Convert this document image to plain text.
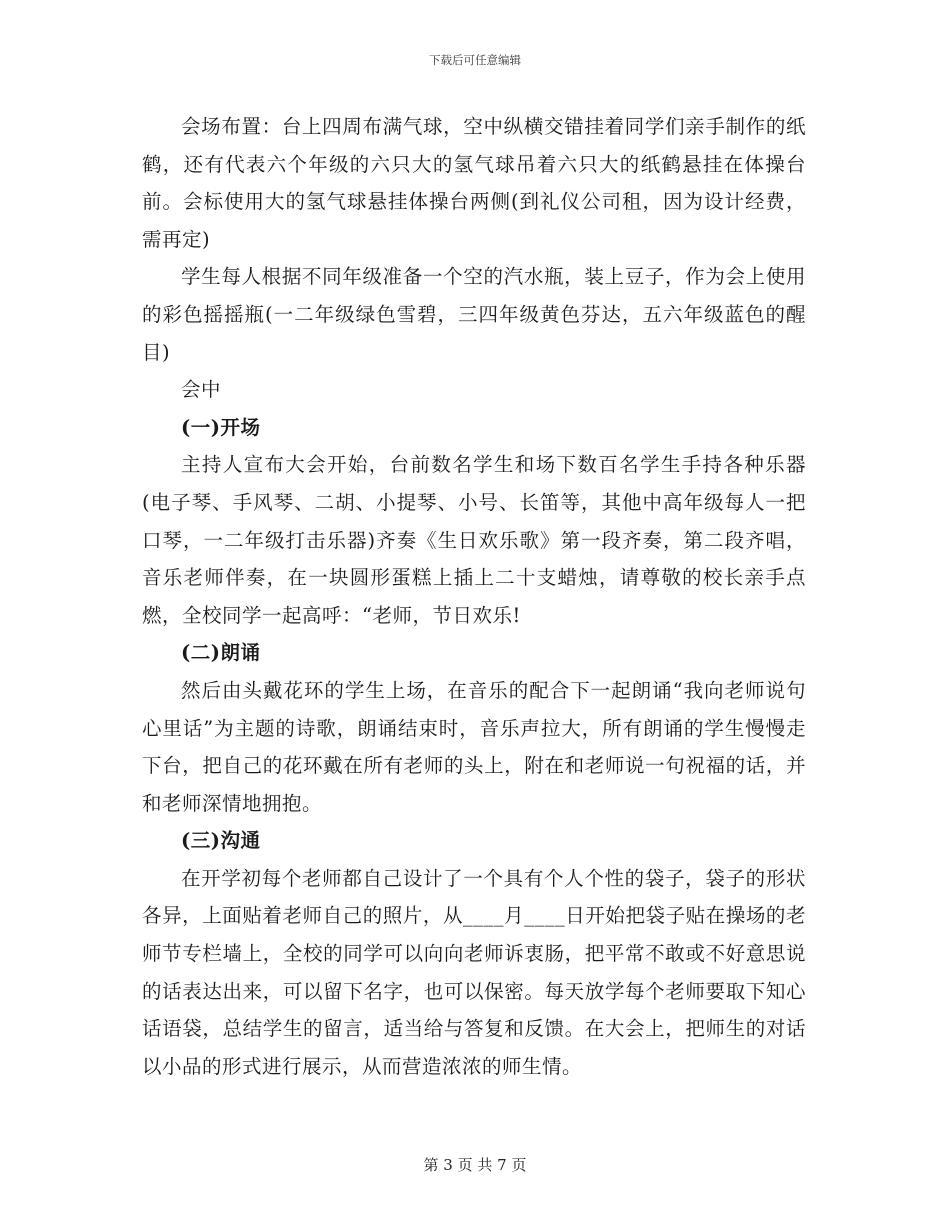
下载后可任意编辑

会场布置：台上四周布满气球，空中纵横交错挂着同学们亲手制作的纸鹤，还有代表六个年级的六只大的氢气球吊着六只大的纸鹤悬挂在体操台前。会标使用大的氢气球悬挂体操台两侧(到礼仪公司租，因为设计经费，需再定)

学生每人根据不同年级准备一个空的汽水瓶，装上豆子，作为会上使用的彩色摇摇瓶(一二年级绿色雪碧，三四年级黄色芬达，五六年级蓝色的醒目)

会中

(一)开场

主持人宣布大会开始，台前数名学生和场下数百名学生手持各种乐器(电子琴、手风琴、二胡、小提琴、小号、长笛等，其他中高年级每人一把口琴，一二年级打击乐器)齐奏《生日欢乐歌》第一段齐奏，第二段齐唱，音乐老师伴奏，在一块圆形蛋糕上插上二十支蜡烛，请尊敬的校长亲手点燃，全校同学一起高呼：“老师，节日欢乐!

(二)朗诵

然后由头戴花环的学生上场，在音乐的配合下一起朗诵“我向老师说句心里话”为主题的诗歌，朗诵结束时，音乐声拉大，所有朗诵的学生慢慢走下台，把自己的花环戴在所有老师的头上，附在和老师说一句祝福的话，并和老师深情地拥抱。

(三)沟通

在开学初每个老师都自己设计了一个具有个人个性的袋子，袋子的形状各异，上面贴着老师自己的照片，从____月____日开始把袋子贴在操场的老师节专栏墙上，全校的同学可以向向老师诉衷肠，把平常不敢或不好意思说的话表达出来，可以留下名字，也可以保密。每天放学每个老师要取下知心话语袋，总结学生的留言，适当给与答复和反馈。在大会上，把师生的对话以小品的形式进行展示，从而营造浓浓的师生情。

第 3 页 共 7 页
